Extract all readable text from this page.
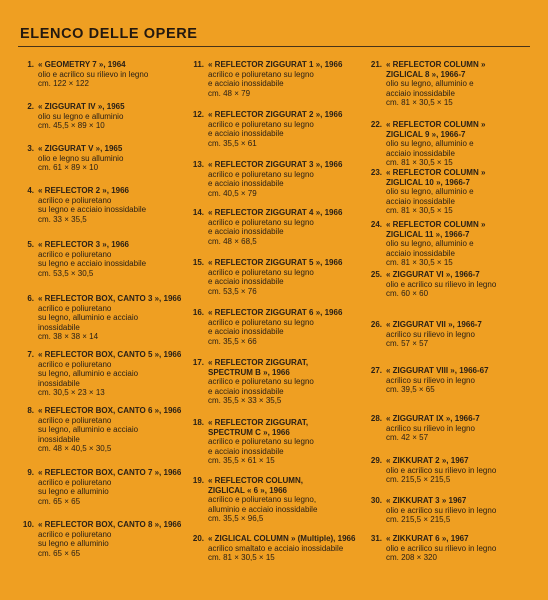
ELENCO DELLE OPERE
1. « GEOMETRY 7 », 1964
olio e acrilico su rilievo in legno
cm. 122 × 122
2. « ZIGGURAT IV », 1965
olio su legno e alluminio
cm. 45,5 × 89 × 10
3. « ZIGGURAT V », 1965
olio e legno su alluminio
cm. 61 × 89 × 10
4. « REFLECTOR 2 », 1966
acrilico e poliuretano
su legno e acciaio inossidabile
cm. 33 × 35,5
5. « REFLECTOR 3 », 1966
acrilico e poliuretano
su legno e acciaio inossidabile
cm. 53,5 × 30,5
6. « REFLECTOR BOX, CANTO 3 », 1966
acrilico e poliuretano
su legno, alluminio e acciaio
inossidabile
cm. 38 × 38 × 14
7. « REFLECTOR BOX, CANTO 5 », 1966
acrilico e poliuretano
su legno, alluminio e acciaio
inossidabile
cm. 30,5 × 23 × 13
8. « REFLECTOR BOX, CANTO 6 », 1966
acrilico e poliuretano
su legno, alluminio e acciaio
inossidabile
cm. 48 × 40,5 × 30,5
9. « REFLECTOR BOX, CANTO 7 », 1966
acrilico e poliuretano
su legno e alluminio
cm. 65 × 65
10. « REFLECTOR BOX, CANTO 8 », 1966
acrilico e poliuretano
su legno e alluminio
cm. 65 × 65
11. « REFLECTOR ZIGGURAT 1 », 1966
acrilico e poliuretano su legno
e acciaio inossidabile
cm. 48 × 79
12. « REFLECTOR ZIGGURAT 2 », 1966
acrilico e poliuretano su legno
e acciaio inossidabile
cm. 35,5 × 61
13. « REFLECTOR ZIGGURAT 3 », 1966
acrilico e poliuretano su legno
e acciaio inossidabile
cm. 40,5 × 79
14. « REFLECTOR ZIGGURAT 4 », 1966
acrilico e poliuretano su legno
e acciaio inossidabile
cm. 48 × 68,5
15. « REFLECTOR ZIGGURAT 5 », 1966
acrilico e poliuretano su legno
e acciaio inossidabile
cm. 53,5 × 76
16. « REFLECTOR ZIGGURAT 6 », 1966
acrilico e poliuretano su legno
e acciaio inossidabile
cm. 35,5 × 66
17. « REFLECTOR ZIGGURAT,
SPECTRUM B », 1966
acrilico e poliuretano su legno
e acciaio inossidabile
cm. 35,5 × 33 × 35,5
18. « REFLECTOR ZIGGURAT,
SPECTRUM C », 1966
acrilico e poliuretano su legno
e acciaio inossidabile
cm. 35,5 × 61 × 15
19. « REFLECTOR COLUMN,
ZIGLICAL « 6 », 1966
acrilico e poliuretano su legno,
alluminio e acciaio inossidabile
cm. 35,5 × 96,5
20. « ZIGLICAL COLUMN » (Multiple), 1966
acrilico smaltato e acciaio inossidabile
cm. 81 × 30,5 × 15
21. « REFLECTOR COLUMN »
ZIGLICAL 8 », 1966-7
olio su legno, alluminio e
acciaio inossidabile
cm. 81 × 30,5 × 15
22. « REFLECTOR COLUMN »
ZIGLICAL 9 », 1966-7
olio su legno, alluminio e
acciaio inossidabile
cm. 81 × 30,5 × 15
23. « REFLECTOR COLUMN »
ZIGLICAL 10 », 1966-7
olio su legno, alluminio e
acciaio inossidabile
cm. 81 × 30,5 × 15
24. « REFLECTOR COLUMN »
ZIGLICAL 11 », 1966-7
olio su legno, alluminio e
acciaio inossidabile
cm. 81 × 30,5 × 15
25. « ZIGGURAT VI », 1966-7
olio e acrilico su rilievo in legno
cm. 60 × 60
26. « ZIGGURAT VII », 1966-7
acrilico su rilievo in legno
cm. 57 × 57
27. « ZIGGURAT VIII », 1966-67
acrilico su rilievo in legno
cm. 39,5 × 65
28. « ZIGGURAT IX », 1966-7
acrilico su rilievo in legno
cm. 42 × 57
29. « ZIKKURAT 2 », 1967
olio e acrilico su rilievo in legno
cm. 215,5 × 215,5
30. « ZIKKURAT 3 » 1967
olio e acrilico su rilievo in legno
cm. 215,5 × 215,5
31. « ZIKKURAT 6 », 1967
olio e acrilico su rilievo in legno
cm. 208 × 320
